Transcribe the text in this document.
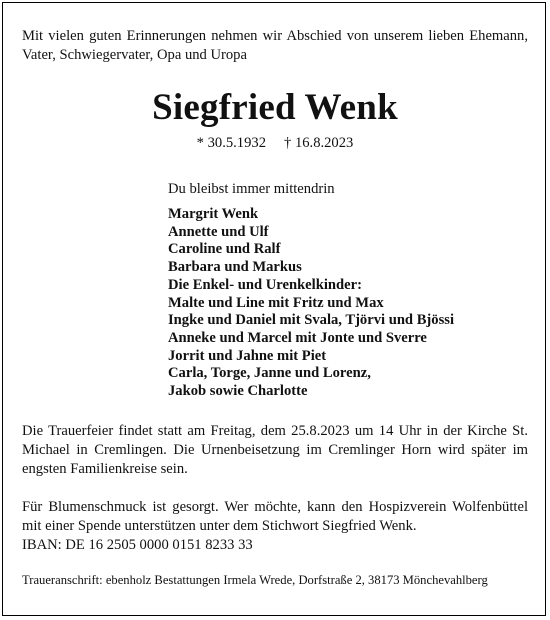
Mit vielen guten Erinnerungen nehmen wir Abschied von unserem lieben Ehemann, Vater, Schwiegervater, Opa und Uropa

Siegfried Wenk

* 30.5.1932 † 16.8.2023

Du bleibst immer mittendrin

Margrit Wenk
Annette und Ulf
Caroline und Ralf
Barbara und Markus
Die Enkel- und Urenkelkinder:
Malte und Line mit Fritz und Max
Ingke und Daniel mit Svala, Tjörvi und Bjössi
Anneke und Marcel mit Jonte und Sverre
Jorrit und Jahne mit Piet
Carla, Torge, Janne und Lorenz,
Jakob sowie Charlotte

Die Trauerfeier findet statt am Freitag, dem 25.8.2023 um 14 Uhr in der Kirche St. Michael in Cremlingen. Die Urnenbeisetzung im Cremlinger Horn wird später im engsten Familienkreise sein.

Für Blumenschmuck ist gesorgt. Wer möchte, kann den Hospizverein Wolfenbüttel mit einer Spende unterstützen unter dem Stichwort Siegfried Wenk.

IBAN: DE 16 2505 0000 0151 8233 33

Traueranschrift: ebenholz Bestattungen Irmela Wrede, Dorfstraße 2, 38173 Mönchevahlberg
